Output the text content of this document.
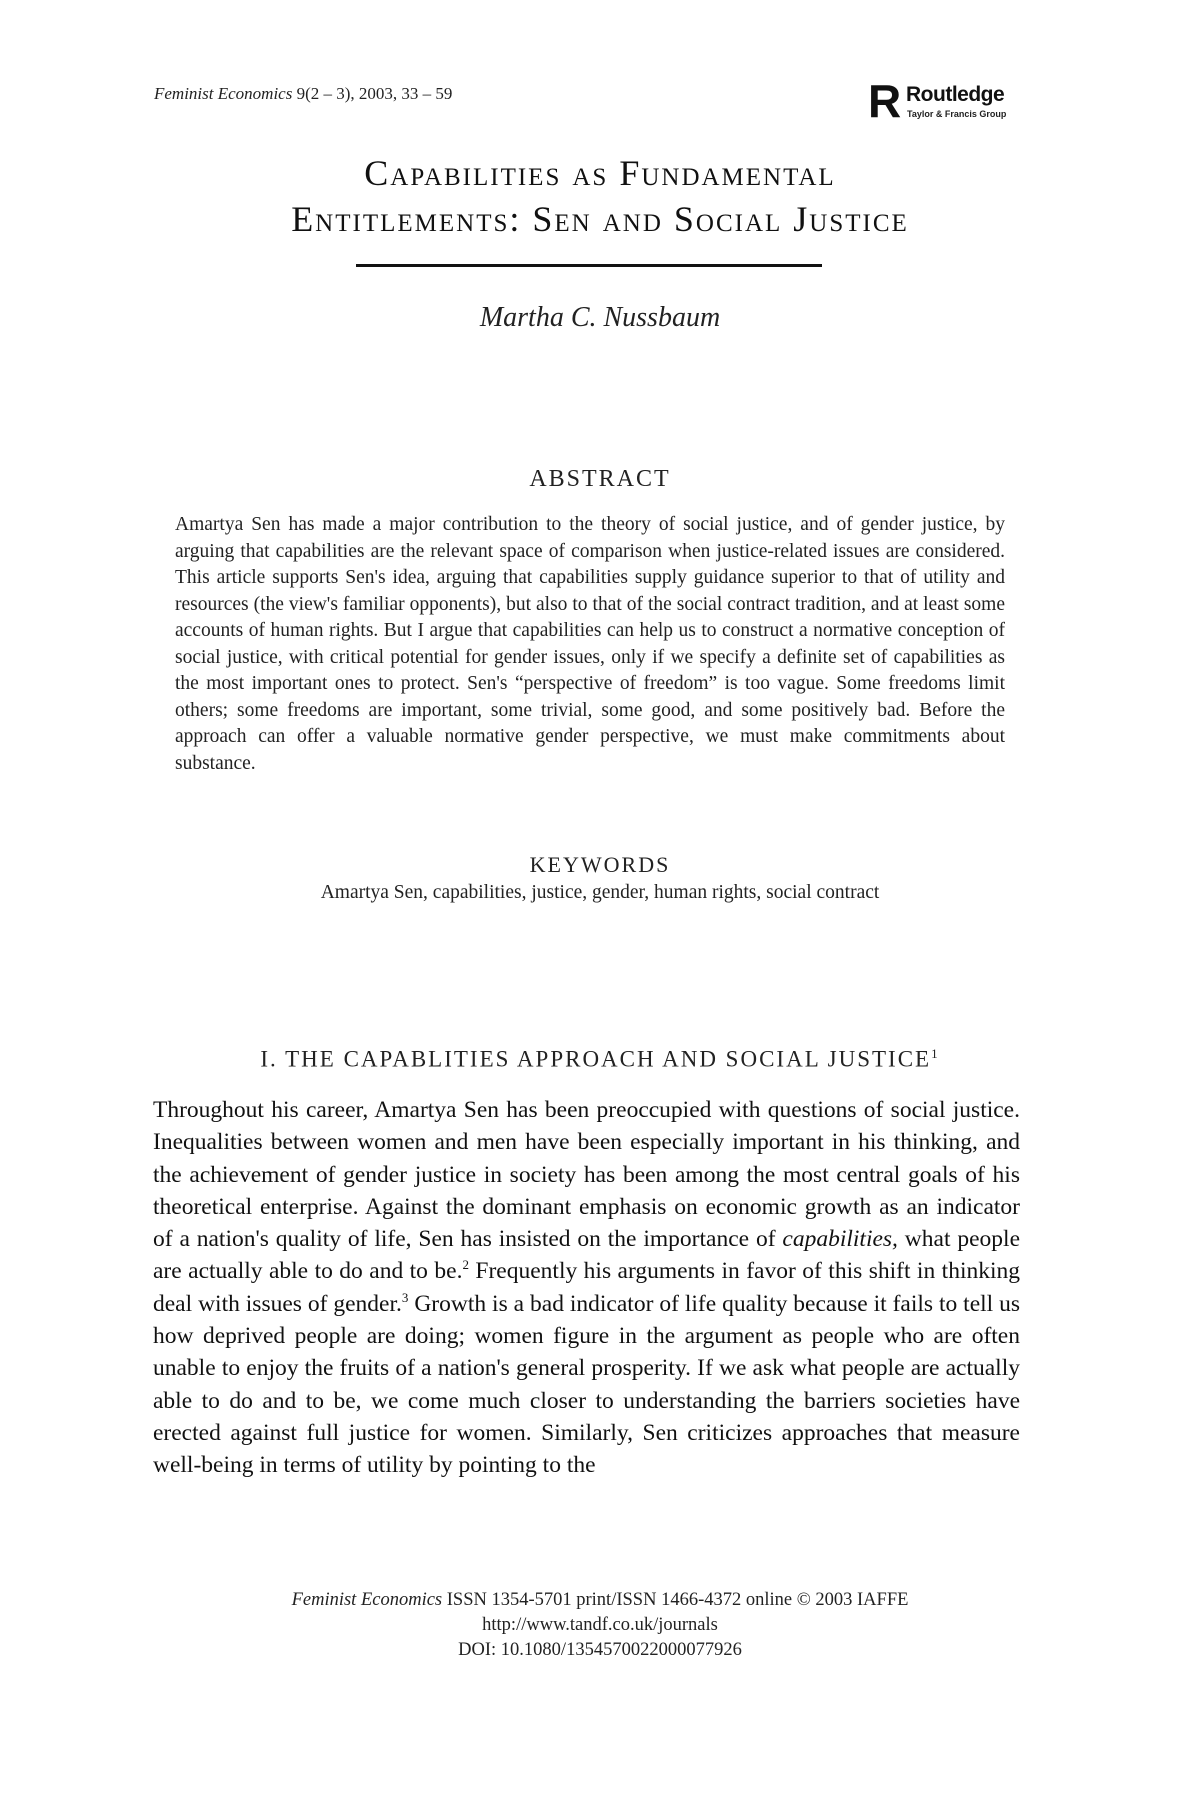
Feminist Economics 9(2 – 3), 2003, 33 – 59	R Routledge
Taylor & Francis Group
Capabilities as Fundamental
Entitlements: Sen and Social Justice
Martha C. Nussbaum
ABSTRACT
Amartya Sen has made a major contribution to the theory of social justice, and of gender justice, by arguing that capabilities are the relevant space of comparison when justice-related issues are considered. This article supports Sen's idea, arguing that capabilities supply guidance superior to that of utility and resources (the view's familiar opponents), but also to that of the social contract tradition, and at least some accounts of human rights. But I argue that capabilities can help us to construct a normative conception of social justice, with critical potential for gender issues, only if we specify a definite set of capabilities as the most important ones to protect. Sen's “perspective of freedom” is too vague. Some freedoms limit others; some freedoms are important, some trivial, some good, and some positively bad. Before the approach can offer a valuable normative gender perspective, we must make commitments about substance.
KEYWORDS
Amartya Sen, capabilities, justice, gender, human rights, social contract
I. THE CAPABLITIES APPROACH AND SOCIAL JUSTICE$^1$
Throughout his career, Amartya Sen has been preoccupied with questions of social justice. Inequalities between women and men have been especially important in his thinking, and the achievement of gender justice in society has been among the most central goals of his theoretical enterprise. Against the dominant emphasis on economic growth as an indicator of a nation's quality of life, Sen has insisted on the importance of capabilities, what people are actually able to do and to be.$^2$ Frequently his arguments in favor of this shift in thinking deal with issues of gender.$^3$ Growth is a bad indicator of life quality because it fails to tell us how deprived people are doing; women figure in the argument as people who are often unable to enjoy the fruits of a nation's general prosperity. If we ask what people are actually able to do and to be, we come much closer to understanding the barriers societies have erected against full justice for women. Similarly, Sen criticizes approaches that measure well-being in terms of utility by pointing to the
Feminist Economics ISSN 1354-5701 print/ISSN 1466-4372 online © 2003 IAFFE
http://www.tandf.co.uk/journals
DOI: 10.1080/1354570022000077926
